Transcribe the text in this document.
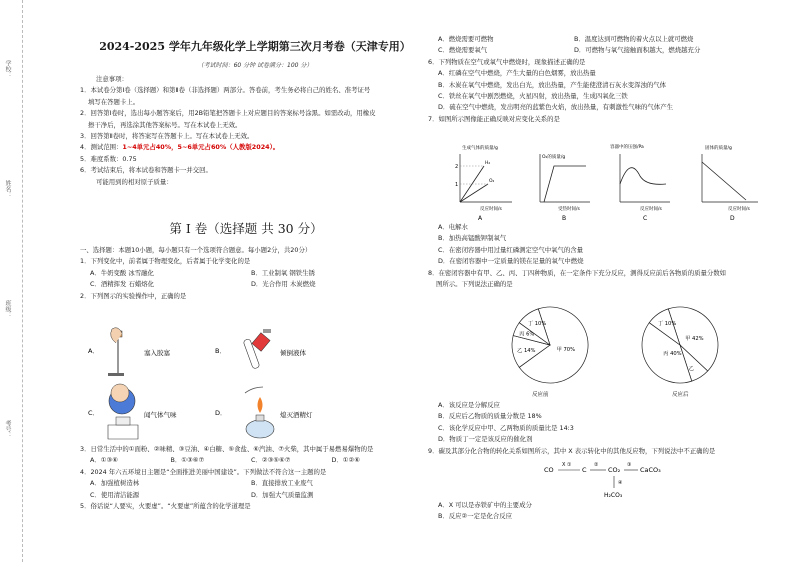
学校：
姓名：
班级：
考号：
2024-2025 学年九年级化学上学期第三次月考卷（天津专用）
（考试时间：60 分钟 试卷满分：100 分）
注意事项：
1．本试卷分第Ⅰ卷（选择题）和第Ⅱ卷（非选择题）两部分。答卷前，考生务必将自己的姓名、准考证号
填写在答题卡上。
2．回答第Ⅰ卷时，选出每小题答案后，用2B铅笔把答题卡上对应题目的答案标号涂黑。如需改动，用橡皮
擦干净后，再选涂其他答案标号。写在本试卷上无效。
3．回答第Ⅱ卷时，将答案写在答题卡上。写在本试卷上无效。
4．测试范围：1~4单元占40%，5~6单元占60%（人教版2024）。
5．难度系数：0.75
6．考试结束后，将本试卷和答题卡一并交回。
可能用到的相对原子质量：
第 I 卷（选择题 共 30 分）
一、选择题：本题10小题，每小题只有一个选项符合题意。每小题2分，共20分）
1．下列变化中，前者属于物理变化，后者属于化学变化的是
A．牛奶变酸 冰雪融化	B．工业制氧 钢铁生锈
C．酒精挥发 石蜡熔化	D．光合作用 木炭燃烧
2．下列图示的实验操作中，正确的是
A．	塞入胶塞	B．	倾倒液体
C．	闻气体气味	D．	熄灭酒精灯
3．日常生活中的①面粉、②味精、③豆油、④白糖、⑤食盐、⑥汽油、⑦火柴，其中属于易燃易爆物的是
A．①③⑥	B．①③⑥⑦	C．②③⑤⑥⑦	D．①②⑥
4．2024 年六五环境日主题是“全面推进美丽中国建设”。下列做法不符合这一主题的是
A．加强植树造林	B．直接排放工业废气
C．使用清洁能源	D．加强大气质量监测
5．俗话说“人要实，火要虚”。“火要虚”所蕴含的化学道理是
A．燃烧需要可燃物	B．温度达到可燃物的着火点以上就可燃烧
C．燃烧需要氧气	D．可燃物与氧气接触面积越大，燃烧越充分
6．下列物质在空气或氧气中燃烧时，现象描述正确的是
A．红磷在空气中燃烧，产生大量的白色烟雾，放出热量
B．木炭在氧气中燃烧，发出白光，放出热量，产生能使澄清石灰水变浑浊的气体
C．铁丝在氧气中剧烈燃烧，火星四射，放出热量，生成四氧化三铁
D．硫在空气中燃烧，发出明亮的蓝紫色火焰，放出热量，有刺激性气味的气体产生
7．如图所示图像能正确反映对应变化关系的是
2
1
H₂
O₂
生成气体的质量/g
反应时间/s
A
O₂的质量/g
受热时间/s
B
容器中的压强/Pa
反应时间/s
C
固体的质量/g
反应时间/s
D
A．电解水
B．加热高锰酸钾制氧气
C．在密闭容器中用过量红磷测定空气中氧气的含量
D．在密闭容器中一定质量的镁在足量的氧气中燃烧
8．在密闭容器中有甲、乙、丙、丁四种物质，在一定条件下充分反应，测得反应前后各物质的质量分数如
图所示。下列说法正确的是
反应前	反应后
甲 70%
乙 14%
丙 6%
丁 10%
甲 42%
乙
丙 40%
丁 10%
A．该反应是分解反应
B．反应后乙物质的质量分数是 18%
C．该化学反应中甲、乙两物质的质量比是 14:3
D．物质丁一定是该反应的催化剂
9．碳及其部分化合物的转化关系如图所示，其中 X 表示转化中的其他反应物，下列说法中不正确的是
CO
X ①
C
②
CO₂
③
CaCO₃
④
H₂CO₃
A．X 可以是赤铁矿中的主要成分
B．反应②一定是化合反应
